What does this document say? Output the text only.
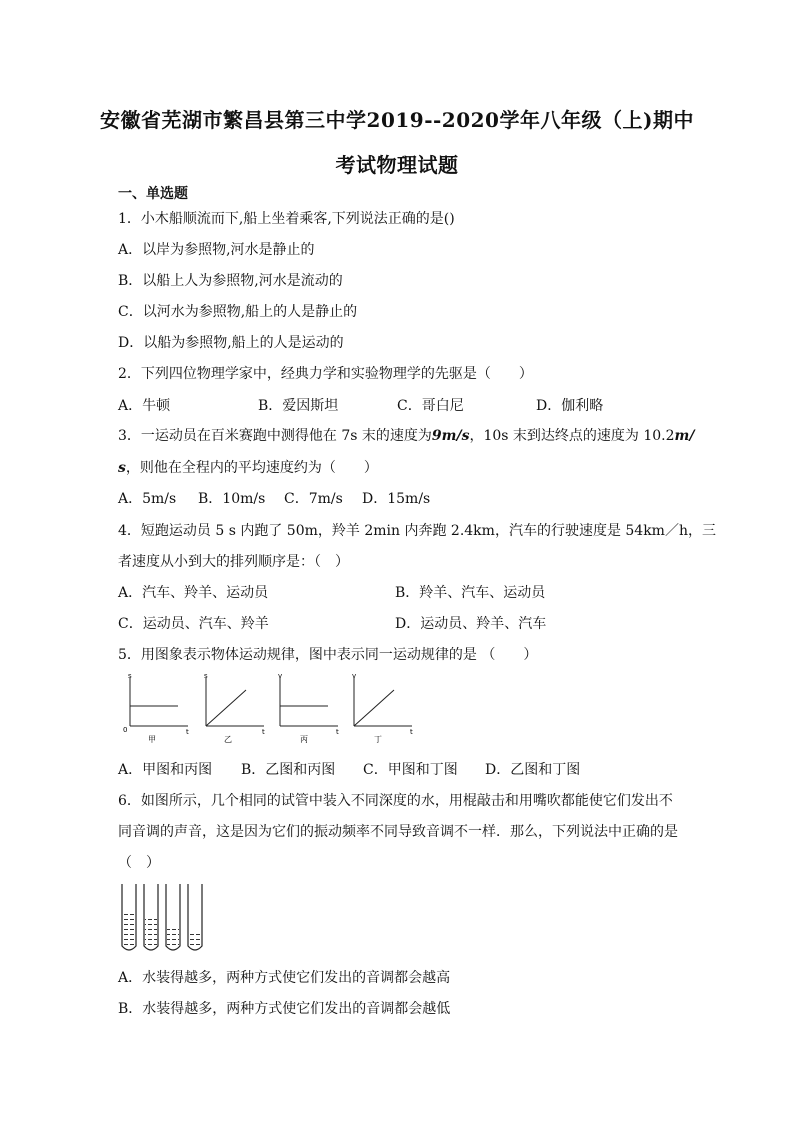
安徽省芜湖市繁昌县第三中学2019--2020学年八年级（上)期中
考试物理试题
一、单选题
1．小木船顺流而下,船上坐着乘客,下列说法正确的是()
A．以岸为参照物,河水是静止的
B．以船上人为参照物,河水是流动的
C．以河水为参照物,船上的人是静止的
D．以船为参照物,船上的人是运动的
2．下列四位物理学家中，经典力学和实验物理学的先驱是（　　）
A．牛顿	B．爱因斯坦	C．哥白尼	D．伽利略
3．一运动员在百米赛跑中测得他在 7s 末的速度为9m/s，10s 末到达终点的速度为 10.2m/
s，则他在全程内的平均速度约为（　　）
A．5m/s B．10m/s C．7m/s D．15m/s
4．短跑运动员 5 s 内跑了 50m，羚羊 2min 内奔跑 2.4km，汽车的行驶速度是 54km／h，三
者速度从小到大的排列顺序是：（　）
A．汽车、羚羊、运动员	B．羚羊、汽车、运动员
C．运动员、汽车、羚羊	D．运动员、羚羊、汽车
5．用图象表示物体运动规律，图中表示同一运动规律的是 （　　）
s
t
0
甲
s
t
乙
v
t
丙
v
t
丁
A．甲图和丙图 B．乙图和丙图 C．甲图和丁图 D．乙图和丁图
6．如图所示，几个相同的试管中装入不同深度的水，用棍敲击和用嘴吹都能使它们发出不
同音调的声音，这是因为它们的振动频率不同导致音调不一样．那么，下列说法中正确的是
（　）
A．水装得越多，两种方式使它们发出的音调都会越高
B．水装得越多，两种方式使它们发出的音调都会越低
